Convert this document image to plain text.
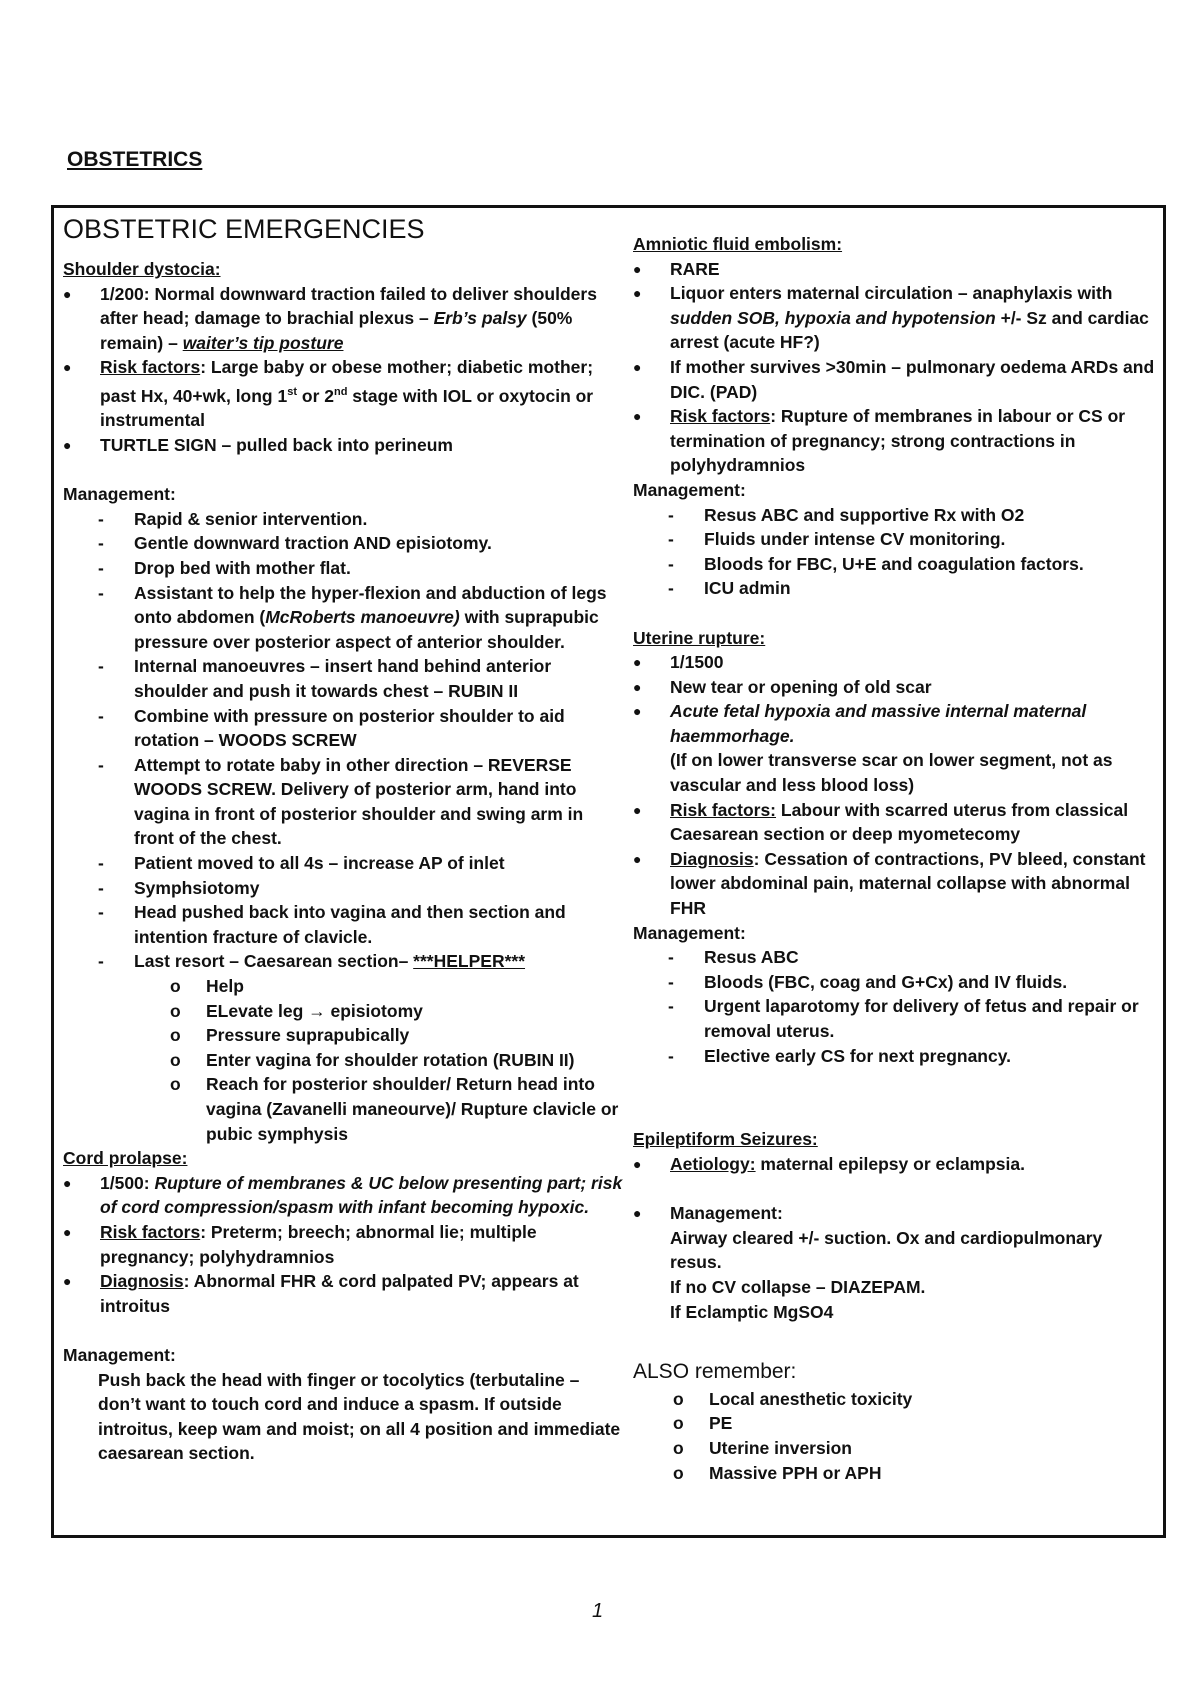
OBSTETRICS
OBSTETRIC EMERGENCIES
Shoulder dystocia:
●	1/200: Normal downward traction failed to deliver shoulders after head; damage to brachial plexus – Erb’s palsy (50% remain) – waiter’s tip posture
●	Risk factors: Large baby or obese mother; diabetic mother; past Hx, 40+wk, long 1st or 2nd stage with IOL or oxytocin or instrumental
●	TURTLE SIGN – pulled back into perineum
Management:
-	Rapid & senior intervention.
-	Gentle downward traction AND episiotomy.
-	Drop bed with mother flat.
-	Assistant to help the hyper-flexion and abduction of legs onto abdomen (McRoberts manoeuvre) with suprapubic pressure over posterior aspect of anterior shoulder.
-	Internal manoeuvres – insert hand behind anterior shoulder and push it towards chest – RUBIN II
-	Combine with pressure on posterior shoulder to aid rotation – WOODS SCREW
-	Attempt to rotate baby in other direction – REVERSE WOODS SCREW. Delivery of posterior arm, hand into vagina in front of posterior shoulder and swing arm in front of the chest.
-	Patient moved to all 4s – increase AP of inlet
-	Symphsiotomy
-	Head pushed back into vagina and then section and intention fracture of clavicle.
-	Last resort – Caesarean section– ***HELPER***
o	Help
o	ELevate leg → episiotomy
o	Pressure suprapubically
o	Enter vagina for shoulder rotation (RUBIN II)
o	Reach for posterior shoulder/ Return head into vagina (Zavanelli maneourve)/ Rupture clavicle or pubic symphysis
Cord prolapse:
●	1/500: Rupture of membranes & UC below presenting part; risk of cord compression/spasm with infant becoming hypoxic.
●	Risk factors: Preterm; breech; abnormal lie; multiple pregnancy; polyhydramnios
●	Diagnosis: Abnormal FHR & cord palpated PV; appears at introitus
Management:
Push back the head with finger or tocolytics (terbutaline – don’t want to touch cord and induce a spasm. If outside introitus, keep wam and moist; on all 4 position and immediate caesarean section.
Amniotic fluid embolism:
●	RARE
●	Liquor enters maternal circulation – anaphylaxis with sudden SOB, hypoxia and hypotension +/- Sz and cardiac arrest (acute HF?)
●	If mother survives >30min – pulmonary oedema ARDs and DIC. (PAD)
●	Risk factors: Rupture of membranes in labour or CS or termination of pregnancy; strong contractions in polyhydramnios
Management:
-	Resus ABC and supportive Rx with O2
-	Fluids under intense CV monitoring.
-	Bloods for FBC, U+E and coagulation factors.
-	ICU admin
Uterine rupture:
●	1/1500
●	New tear or opening of old scar
●	Acute fetal hypoxia and massive internal maternal haemmorhage.
(If on lower transverse scar on lower segment, not as vascular and less blood loss)
●	Risk factors: Labour with scarred uterus from classical Caesarean section or deep myometecomy
●	Diagnosis: Cessation of contractions, PV bleed, constant lower abdominal pain, maternal collapse with abnormal FHR
Management:
-	Resus ABC
-	Bloods (FBC, coag and G+Cx) and IV fluids.
-	Urgent laparotomy for delivery of fetus and repair or removal uterus.
-	Elective early CS for next pregnancy.
Epileptiform Seizures:
●	Aetiology: maternal epilepsy or eclampsia.
●	Management:
Airway cleared +/- suction. Ox and cardiopulmonary resus.
If no CV collapse – DIAZEPAM.
If Eclamptic MgSO4
ALSO remember:
o	Local anesthetic toxicity
o	PE
o	Uterine inversion
o	Massive PPH or APH
1
